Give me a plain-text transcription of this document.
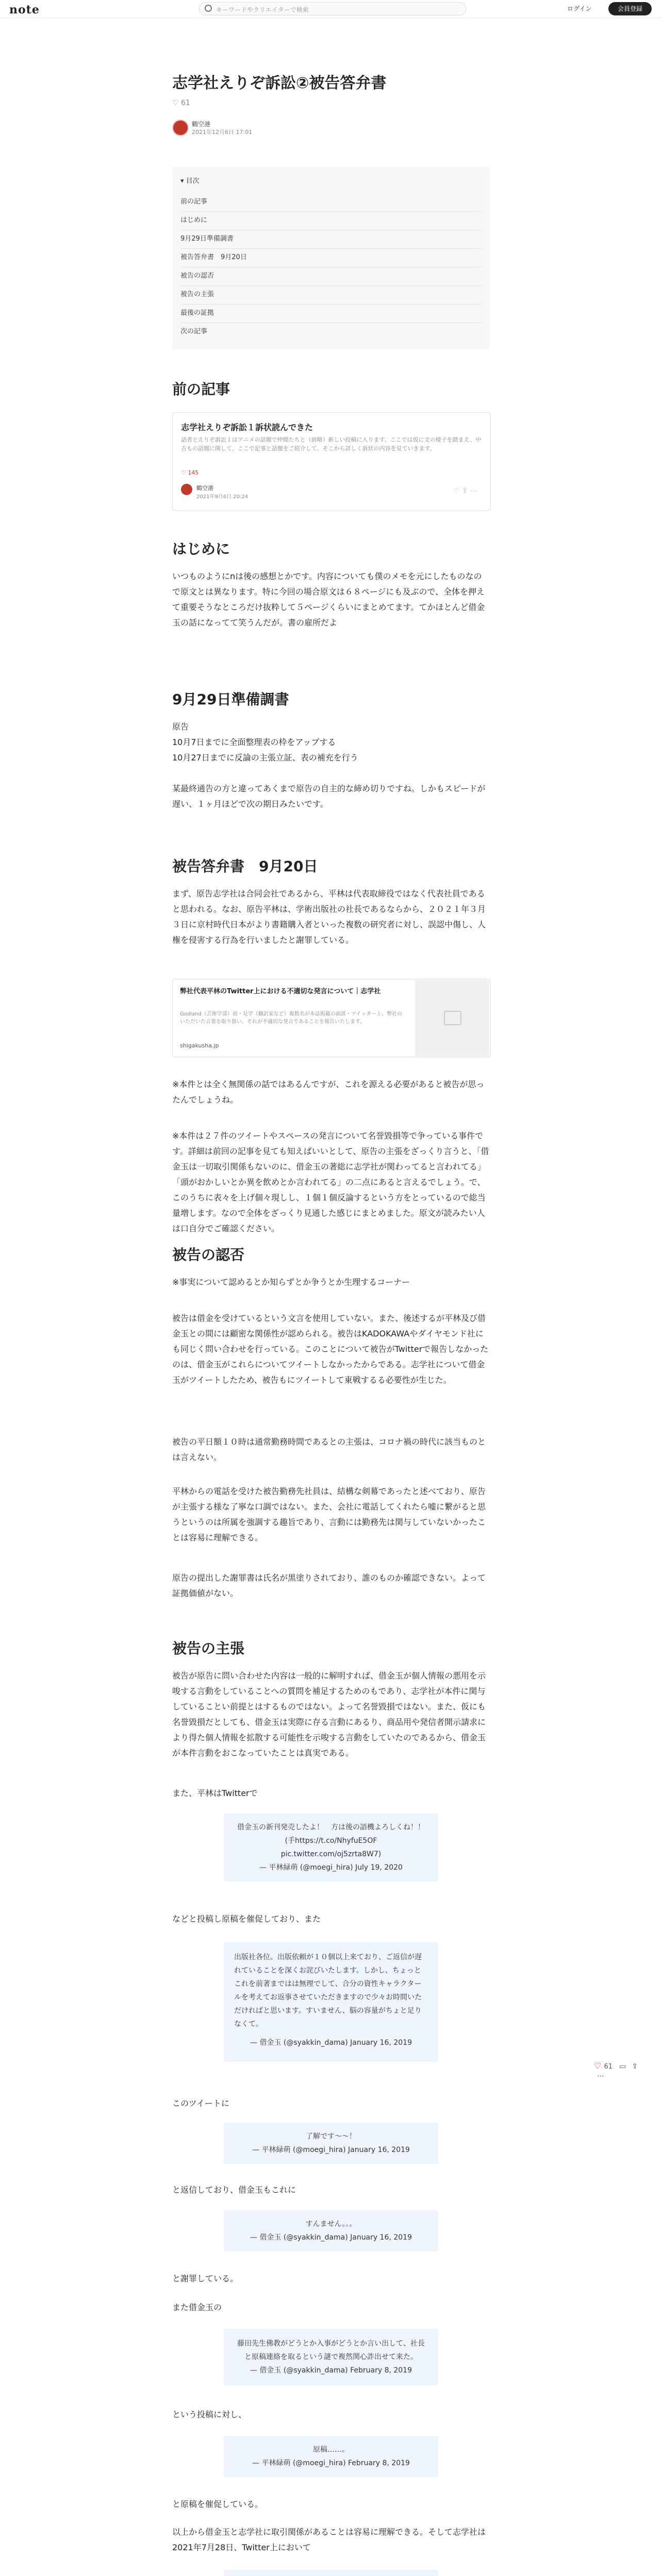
note	キーワードやクリエイターで検索	ログイン	会員登録
志学社えりぞ訴訟②被告答弁書
♡ 61
鶴空港
2021年12月6日 17:01
▾ 目次
前の記事
はじめに
9月29日準備調書
被告答弁書　9月20日
被告の認否
被告の主張
最後の証拠
次の記事
前の記事
志学社えりぞ訴訟１訴状読んできた
話者とえりぞ訴訟１はアニメの話題で仲間たちと（前略）新しい投稿に入ります。ここでは仮に文の様子を踏まえ、中古もの話題に関して、ここで記事と話題をご紹介して、そこから詳しく訴状の内容を見ていきます。
♡ 145
鶴空港
2021年9月6日 20:24
♡ ⇪ ⋯
はじめに
いつものようにnは後の感想とかです。内容についても僕のメモを元にしたものなので原文とは異なります。特に今回の場合原文は６８ページにも及ぶので、全体を押えて重要そうなところだけ抜粋して５ページくらいにまとめてます。てかほとんど借金玉の話になってて笑うんだが。書の雇所だよ
9月29日準備調書
原告
10月7日までに全面整理表の枠をアップする
10月27日までに反論の主張立証、表の補充を行う

某最終通告の方と違ってあくまで原告の自主的な締め切りですね。しかもスピードが遅い、１ヶ月ほどで次の期日みたいです。
被告答弁書　9月20日
まず、原告志学社は合同会社であるから、平林は代表取締役ではなく代表社員であると思われる。なお、原告平林は、学術出版社の社長であるならから、２０２１年３月３日に京村時代日本がより書籍購入者といった複数の研究者に対し、誤認中傷し、人権を侵害する行為を行いましたと謝罪している。
弊社代表平林のTwitter上における不適切な発言について｜志学社
Godland（芸術学部）商・見学（翻訳家など）複数名が本誌掲載の面談・ツイッター上、弊社のいただいた言葉を取り扱い、それが不適切な発言であることを報告いたします。
shigakusha.jp
※本件とは全く無関係の話ではあるんですが、これを源える必要があると被告が思ったんでしょうね。
※本件は２７件のツイートやスペースの発言について名誉毀損等で争っている事件です。詳細は前回の記事を見ても知えばいいとして、原告の主張をざっくり言うと、「借金玉は一切取引関係もないのに、借金玉の著総に志学社が関わってると言われてる」「頭がおかしいとか異を飲めとか言われてる」の二点にあると言えるでしょう。で、このうちに表々を上げ個々現しし、１個１個反論するという方をとっているので総当量増します。なので全体をざっくり見通した感じにまとめました。原文が読みたい人は口自分でご確認ください。
被告の認否
※事実について認めるとか知らずとか争うとか生理するコーナー
被告は借金を受けているという文言を使用していない。また、後述するが平林及び借金玉との間には顧密な関係性が認められる。被告はKADOKAWAやダイヤモンド社にも同じく問い合わせを行っている。このことについて被告がTwitterで報告しなかったのは、借金玉がこれらについてツイートしなかったからである。志学社について借金玉がツイートしたため、被告もにツイートして東戦するる必要性が生じた。
被告の平日額１０時は通常勤務時間であるとの主張は、コロナ禍の時代に該当ものとは言えない。
平林からの電話を受けた被告勤務先社員は、結構な剣幕であったと述べており、原告が主張する様な了寧な口調ではない。また、会社に電話してくれたら嘘に繋がると思うというのは所属を強調する趣旨であり、言動には勤務先は関与していないかったことは容易に理解できる。
原告の提出した謝罪書は氏名が黒塗りされており、誰のものか確認できない。よって証拠価値がない。
被告の主張
被告が原告に問い合わせた内容は一般的に解明すれば、借金玉が個人情報の悪用を示唆する言動をしていることへの質問を補足するためのもであり、志学社が本件に関与していることい前提とはするものではない。よって名誉毀損ではない。また、仮にも名誉毀損だとしても、借金玉は実際に存る言動にあるり、商品用や発信者開示請求により得た個人情報を拡散する可能性を示唆する言動をしていたのであるから、借金玉が本件言動をおこなっていたことは真実である。
また、平林はTwitterで
借金玉の新刊発売したよ！　方は後の語機よろしくね！！
(手https://t.co/NhyfuE5OF
pic.twitter.com/oj5zrta8W7)
— 平林緑萌 (@moegi_hira) July 19, 2020
などと投稿し原稿を催促しており、また
出版社各位。出版依頼が１０個以上来ており、ご返信が遅れていることを深くお詫びいたします。しかし、ちょっとこれを前著まではは無理でして、合分の資性キャラクタールを考えてお返事させていただきますので少々お時間いただければと思います。すいません、脳の容量がちょと足りなくて。
— 借金玉 (@syakkin_dama) January 16, 2019
このツイートに
了解です〜〜！
— 平林緑萌 (@moegi_hira) January 16, 2019
と返信しており、借金玉もこれに
すんません。。。
— 借金玉 (@syakkin_dama) January 16, 2019
と謝罪している。
また借金玉の
藤田先生佛教がどうとか入事がどうとか言い出して、社長と原稿連絡を取るという謎で複然関心詐出せて来た。
— 借金玉 (@syakkin_dama) February 8, 2019
という投稿に対し、
原稿……。
— 平林緑萌 (@moegi_hira) February 8, 2019
と原稿を催促している。
以上から借金玉と志学社に取引関係があることは容易に理解できる。そして志学社は2021年7月28日、Twitter上において
♡ 61 ▭ ⇪ ⋯
